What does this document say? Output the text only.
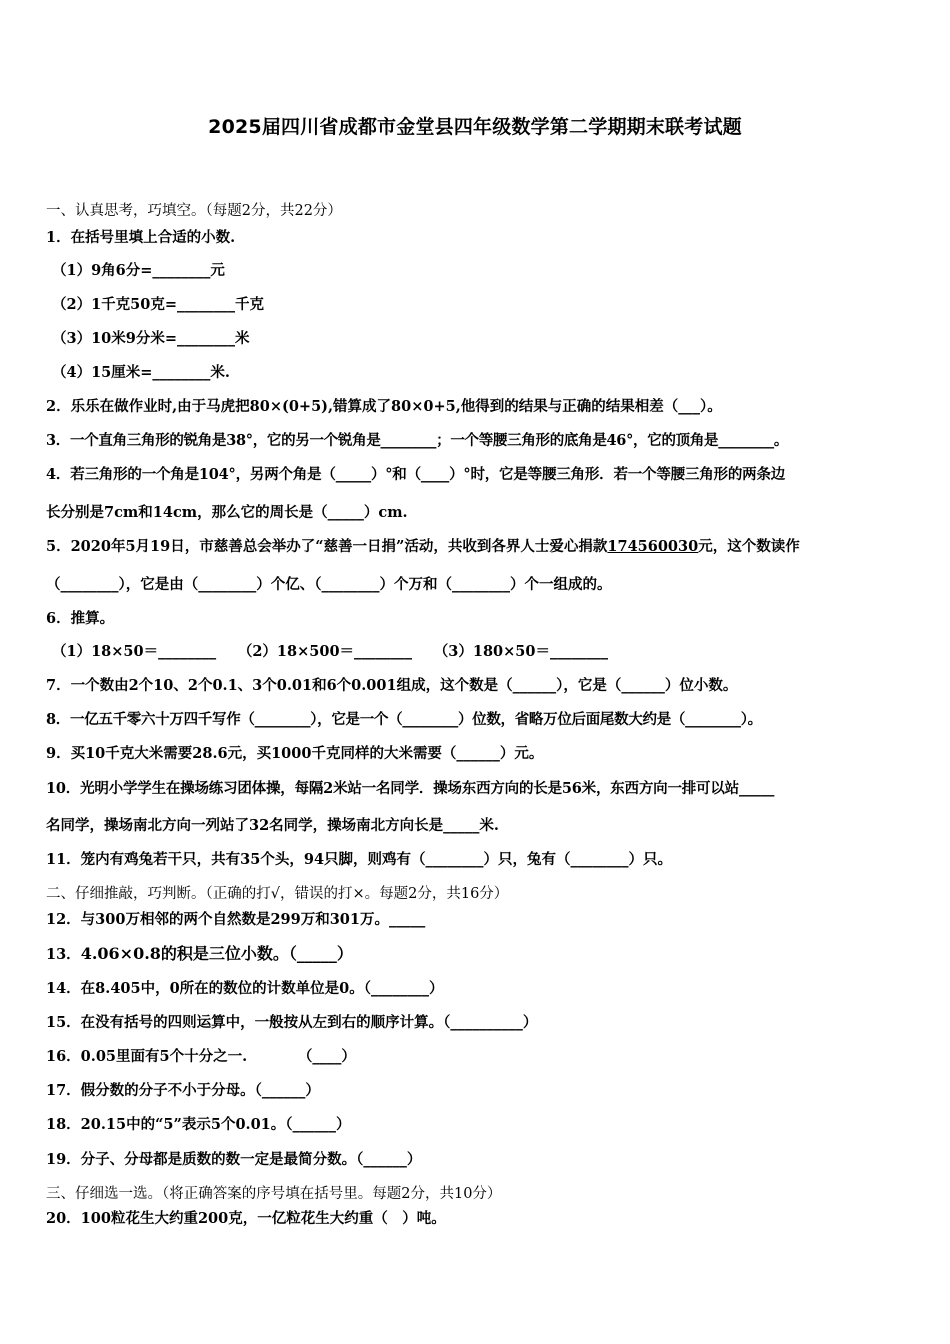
2025届四川省成都市金堂县四年级数学第二学期期末联考试题
一、认真思考，巧填空。（每题2分，共22分）
1．在括号里填上合适的小数.
（1）9角6分=________元
（2）1千克50克=________千克
（3）10米9分米=________米
（4）15厘米=________米.
2．乐乐在做作业时,由于马虎把80×(0+5),错算成了80×0+5,他得到的结果与正确的结果相差（___）。
3．一个直角三角形的锐角是38°，它的另一个锐角是________；一个等腰三角形的底角是46°，它的顶角是________。
4．若三角形的一个角是104°，另两个角是（_____）°和（____）°时，它是等腰三角形．若一个等腰三角形的两条边
长分别是7cm和14cm，那么它的周长是（_____）cm.
5．2020年5月19日，市慈善总会举办了“慈善一日捐”活动，共收到各界人士爱心捐款174560030元，这个数读作
（________），它是由（________）个亿、（________）个万和（________）个一组成的。
6．推算。
（1）18×50＝________　　（2）18×500＝________　　（3）180×50＝________
7．一个数由2个10、2个0.1、3个0.01和6个0.001组成，这个数是（______），它是（______）位小数。
8．一亿五千零六十万四千写作（________），它是一个（________）位数，省略万位后面尾数大约是（________）。
9．买10千克大米需要28.6元，买1000千克同样的大米需要（______）元。
10．光明小学学生在操场练习团体操，每隔2米站一名同学．操场东西方向的长是56米，东西方向一排可以站_____
名同学，操场南北方向一列站了32名同学，操场南北方向长是_____米.
11．笼内有鸡兔若干只，共有35个头，94只脚，则鸡有（________）只，兔有（________）只。
二、仔细推敲，巧判断。（正确的打√，错误的打×。每题2分，共16分）
12．与300万相邻的两个自然数是299万和301万。_____
13．4.06×0.8的积是三位小数。（_____）
14．在8.405中，0所在的数位的计数单位是0。（________）
15．在没有括号的四则运算中，一般按从左到右的顺序计算。（__________）
16．0.05里面有5个十分之一.　　　　（____）
17．假分数的分子不小于分母。（______）
18．20.15中的“5”表示5个0.01。（______）
19．分子、分母都是质数的数一定是最简分数。（______）
三、仔细选一选。（将正确答案的序号填在括号里。每题2分，共10分）
20．100粒花生大约重200克，一亿粒花生大约重（　）吨。
